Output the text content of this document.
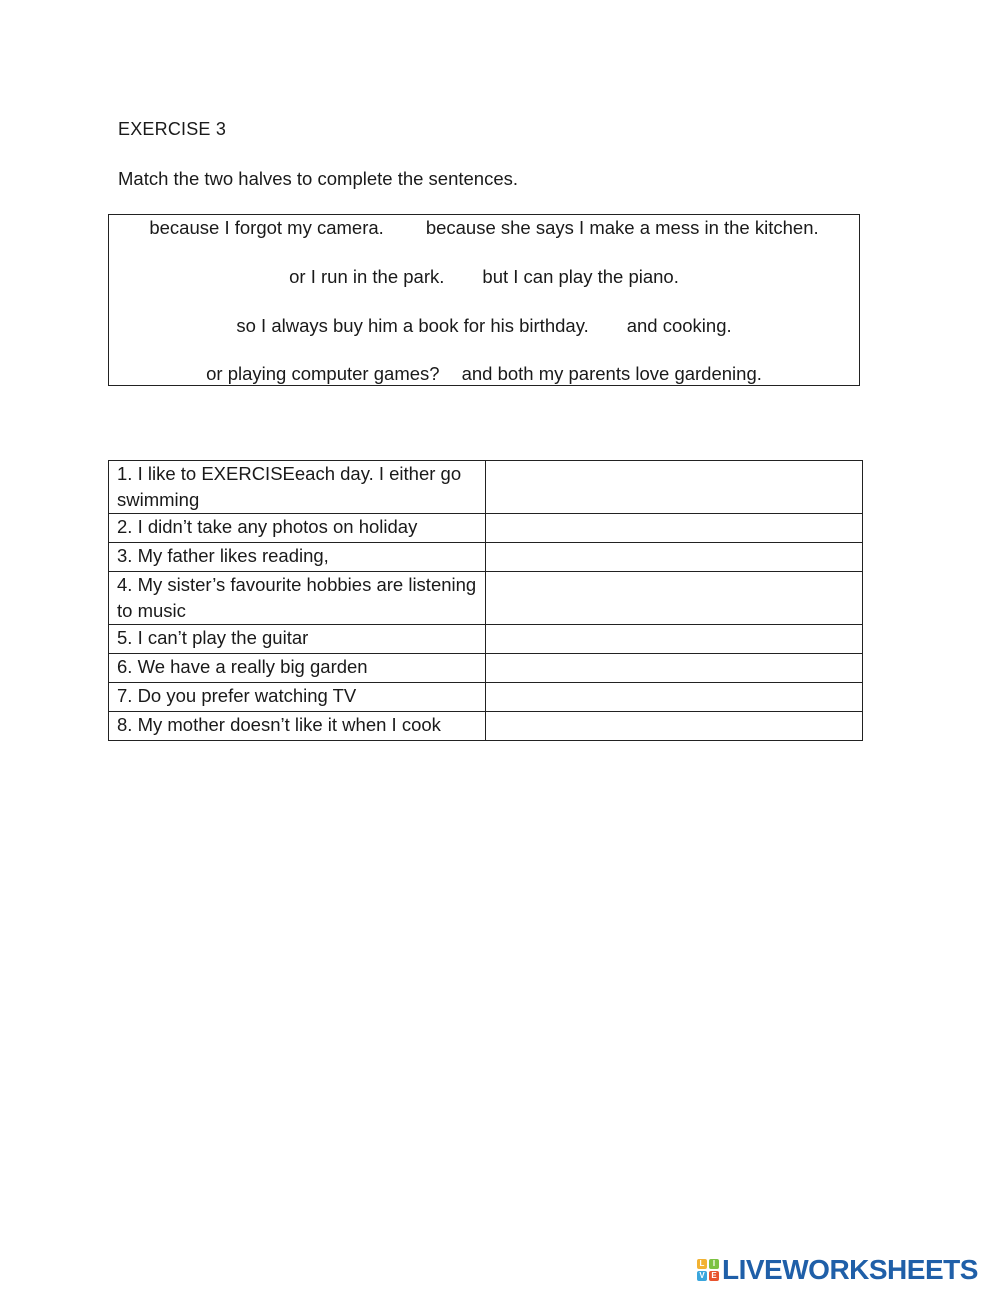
EXERCISE 3
Match the two halves to complete the sentences.
because I forgot my camera. because she says I make a mess in the kitchen.
or I run in the park. but I can play the piano.
so I always buy him a book for his birthday. and cooking.
or playing computer games? and both my parents love gardening.
1. I like to EXERCISEeach day. I either go swimming	

2. I didn’t take any photos on holiday	

3. My father likes reading,	

4. My sister’s favourite hobbies are listening to music	

5. I can’t play the guitar	

6. We have a really big garden	

7. Do you prefer watching TV	

8. My mother doesn’t like it when I cook	
L	I
V E LIVEWORKSHEETS
